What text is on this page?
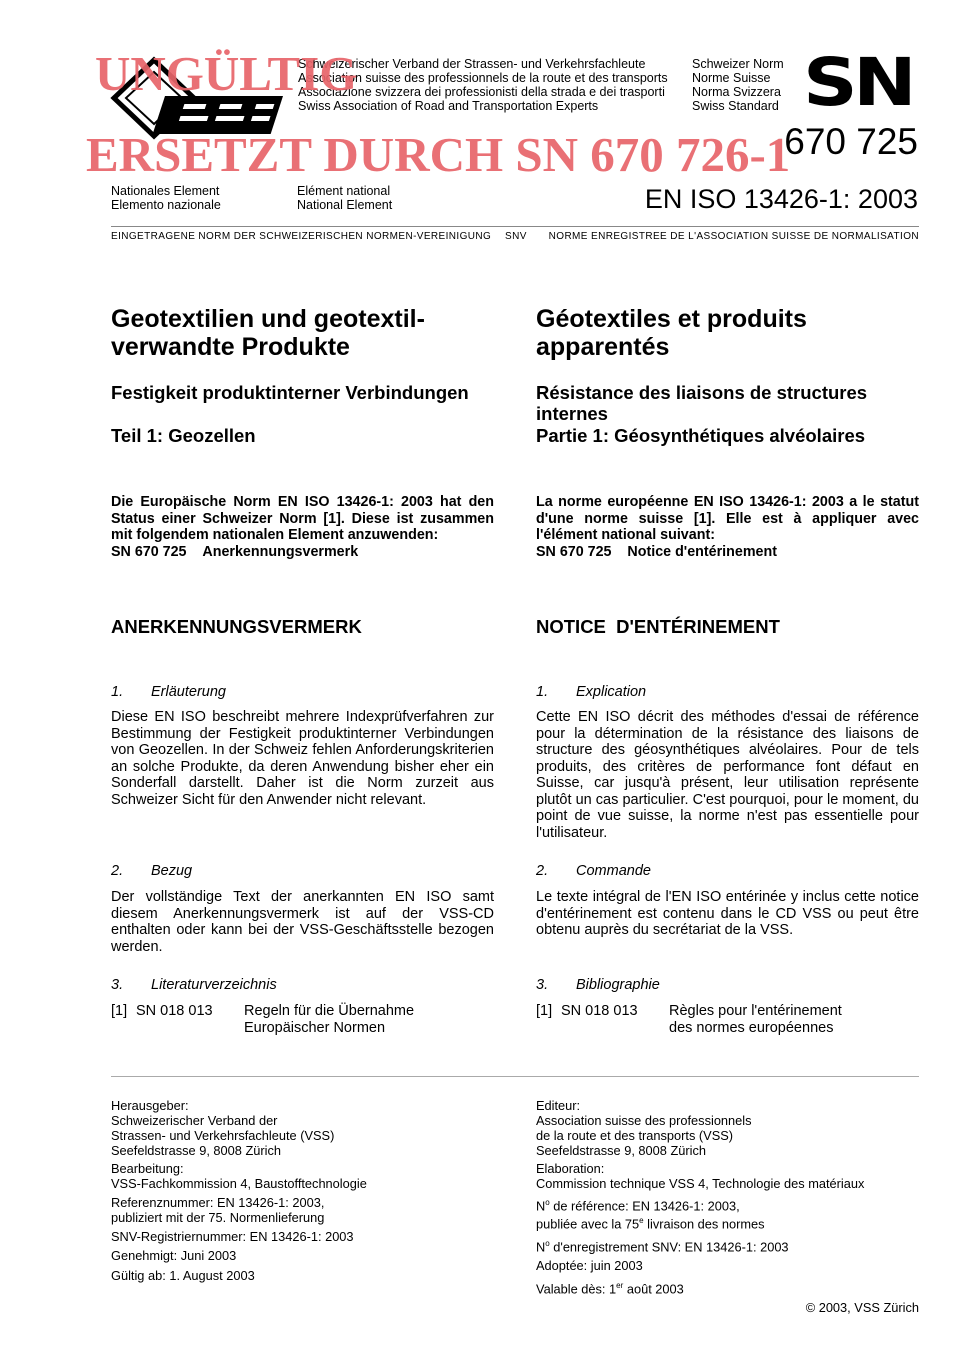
Schweizerischer Verband der Strassen- und Verkehrsfachleute
Association suisse des professionnels de la route et des transports
Associazione svizzera dei professionisti della strada e dei trasporti
Swiss Association of Road and Transportation Experts
Schweizer Norm
Norme Suisse
Norma Svizzera
Swiss Standard SN
670 725
Nationales Element
Elemento nazionale
Elément national
National Element	EN ISO 13426-1: 2003
UNGÜLTIG
ERSETZT DURCH SN 670 726-1
EINGETRAGENE NORM DER SCHWEIZERISCHEN NORMEN-VEREINIGUNG SNV NORME ENREGISTREE DE L'ASSOCIATION SUISSE DE NORMALISATION
Geotextilien und geotextil-
verwandte Produkte
Festigkeit produktinterner Verbindungen
Teil 1: Geozellen
Die Europäische Norm EN ISO 13426-1: 2003 hat den Status einer Schweizer Norm [1]. Diese ist zusammen mit folgendem nationalen Element anzuwenden:
SN 670 725 Anerkennungsvermerk
ANERKENNUNGSVERMERK
1. Erläuterung
Diese EN ISO beschreibt mehrere Indexprüfverfahren zur Bestimmung der Festigkeit produktinterner Verbindungen von Geozellen. In der Schweiz fehlen Anforderungskriterien an solche Produkte, da deren Anwendung bisher eher ein Sonderfall darstellt. Daher ist die Norm zurzeit aus Schweizer Sicht für den Anwender nicht relevant.
2. Bezug
Der vollständige Text der anerkannten EN ISO samt diesem Anerkennungsvermerk ist auf der VSS-CD enthalten oder kann bei der VSS-Geschäftsstelle bezogen werden.
3. Literaturverzeichnis
[1] SN 018 013 Regeln für die Übernahme
Europäischer Normen
Géotextiles et produits
apparentés
Résistance des liaisons de structures
internes
Partie 1: Géosynthétiques alvéolaires
La norme européenne EN ISO 13426-1: 2003 a le statut d'une norme suisse [1]. Elle est à appliquer avec l'élément national suivant:
SN 670 725 Notice d'entérinement
NOTICE  D'ENTÉRINEMENT
1. Explication
Cette EN ISO décrit des méthodes d'essai de référence pour la détermination de la résistance des liaisons de structure des géosynthétiques alvéolaires. Pour de tels produits, des critères de performance font défaut en Suisse, car jusqu'à présent, leur utilisation représente plutôt un cas particulier. C'est pourquoi, pour le moment, du point de vue suisse, la norme n'est pas essentielle pour l'utilisateur.
2. Commande
Le texte intégral de l'EN ISO entérinée y inclus cette notice d'entérinement est contenu dans le CD VSS ou peut être obtenu auprès du secrétariat de la VSS.
3. Bibliographie
[1] SN 018 013 Règles pour l'entérinement
des normes européennes
Herausgeber:
Schweizerischer Verband der
Strassen- und Verkehrsfachleute (VSS)
Seefeldstrasse 9, 8008 Zürich
Bearbeitung:
VSS-Fachkommission 4, Baustofftechnologie
Referenznummer: EN 13426-1: 2003,
publiziert mit der 75. Normenlieferung
SNV-Registriernummer: EN 13426-1: 2003
Genehmigt: Juni 2003
Gültig ab: 1. August 2003
Editeur:
Association suisse des professionnels
de la route et des transports (VSS)
Seefeldstrasse 9, 8008 Zürich
Elaboration:
Commission technique VSS 4, Technologie des matériaux
$N^o$ de référence: EN 13426-1: 2003,
publiée avec la 75e livraison des normes
$N^o$ d'enregistrement SNV: EN 13426-1: 2003
Adoptée: juin 2003
Valable dès: 1er août 2003
© 2003, VSS Zürich
